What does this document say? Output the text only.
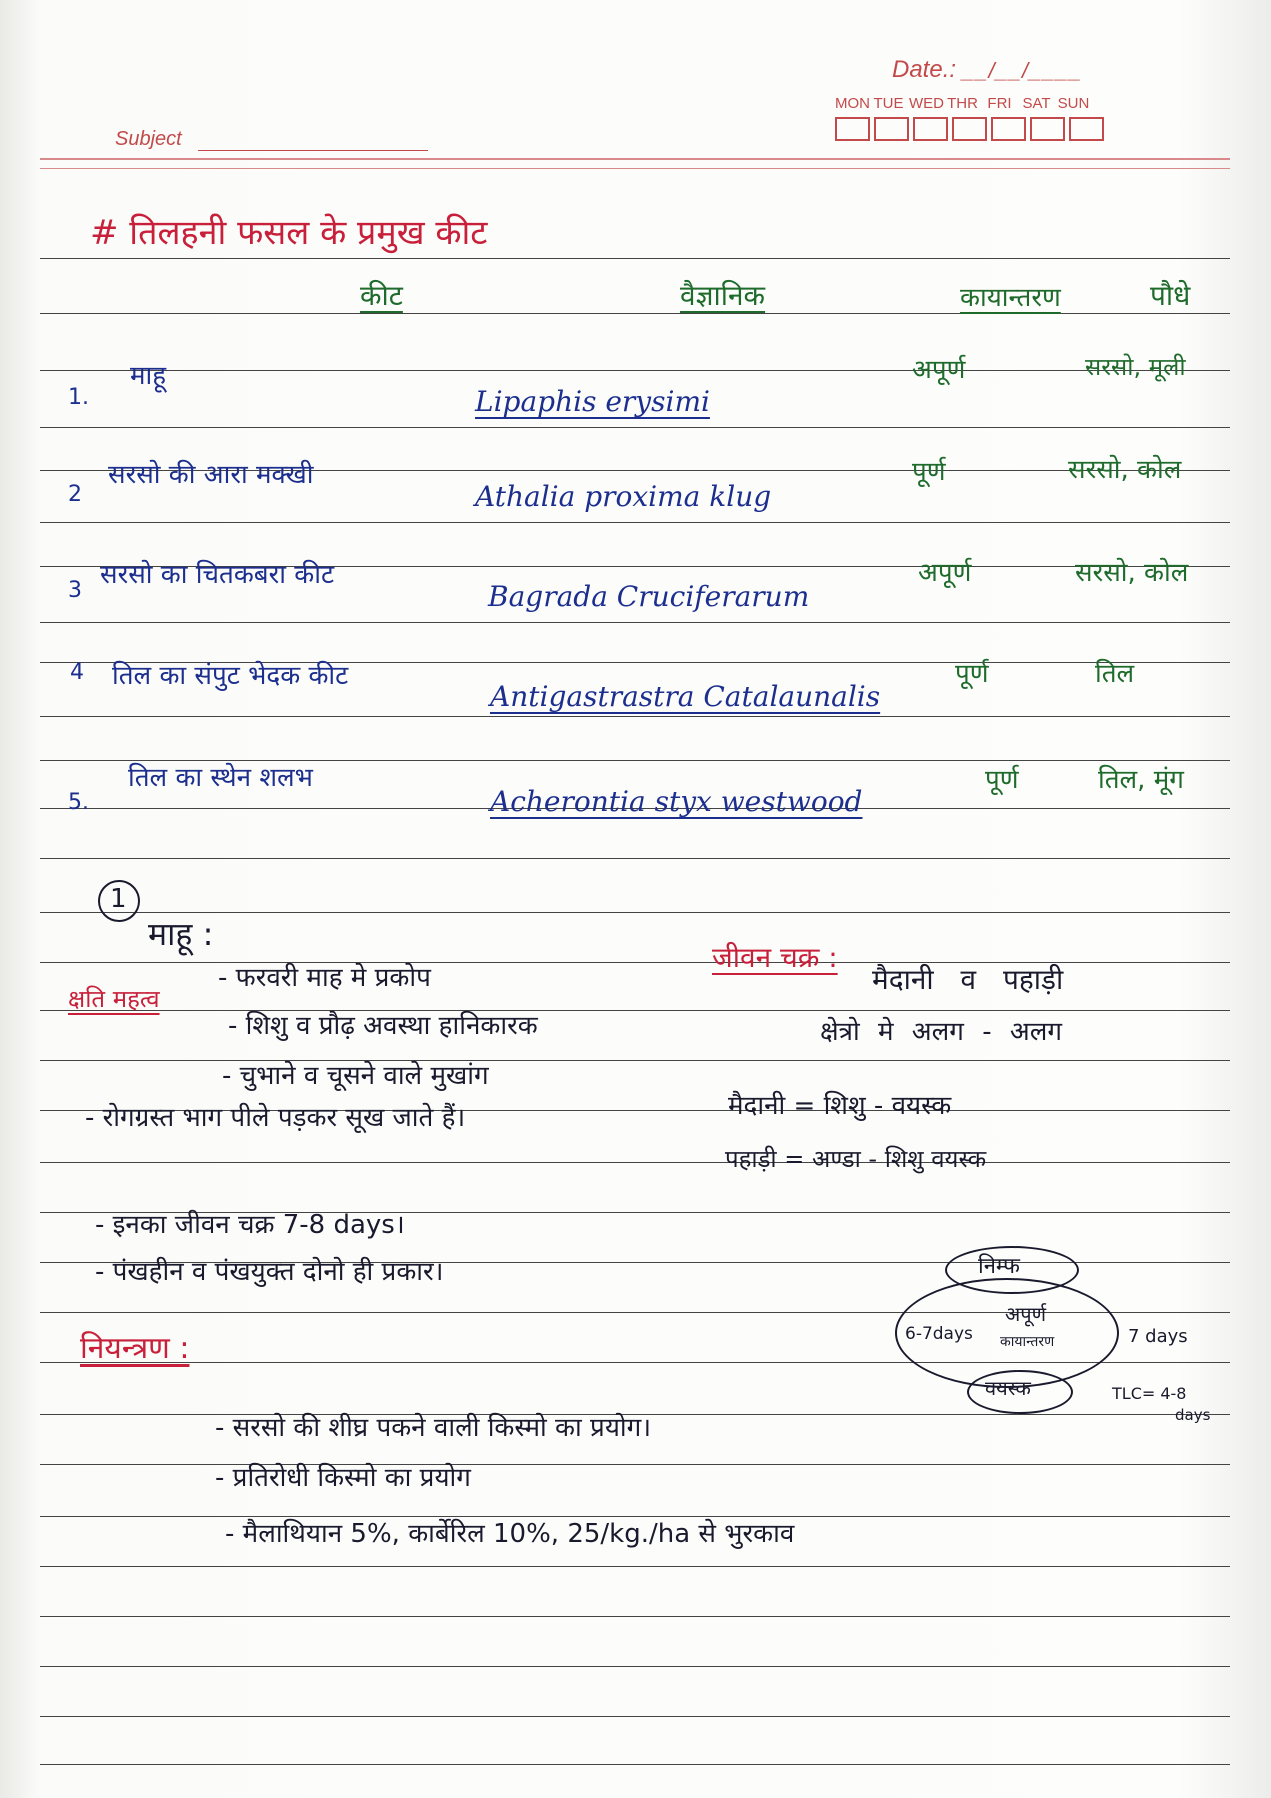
Date.: __/__/____
MON TUE WED THR FRI SAT SUN
Subject
# तिलहनी फसल के प्रमुख कीट
कीट	वैज्ञानिक	कायान्तरण	पौधे
1.
माहू
Lipaphis erysimi
अपूर्ण	सरसो, मूली
2
सरसो की आरा मक्खी
Athalia proxima klug
पूर्ण	सरसो, कोल
3
सरसो का चितकबरा कीट
Bagrada Cruciferarum
अपूर्ण	सरसो, कोल
4 तिल का संपुट भेदक कीट
Antigastrastra Catalaunalis
पूर्ण	तिल
5.
तिल का स्थेन शलभ
Acherontia styx westwood
पूर्ण	तिल, मूंग
1
माहू :
क्षति महत्व
- फरवरी माह मे प्रकोप
- शिशु व प्रौढ़ अवस्था हानिकारक
- चुभाने व चूसने वाले मुखांग
- रोगग्रस्त भाग पीले पड़कर सूख जाते हैं।
जीवन चक्र :
मैदानी व पहाड़ी
क्षेत्रो मे अलग - अलग
मैदानी = शिशु - वयस्क
पहाड़ी = अण्डा - शिशु वयस्क
- इनका जीवन चक्र 7-8 days।
- पंखहीन व पंखयुक्त दोनो ही प्रकार।	निम्फ
6-7days
अपूर्ण
कायान्तरण	7 days
वयस्क	TLC= 4-8
days
नियन्त्रण :
- सरसो की शीघ्र पकने वाली किस्मो का प्रयोग।
- प्रतिरोधी किस्मो का प्रयोग
- मैलाथियान 5%, कार्बेरिल 10%, 25/kg./ha से भुरकाव
